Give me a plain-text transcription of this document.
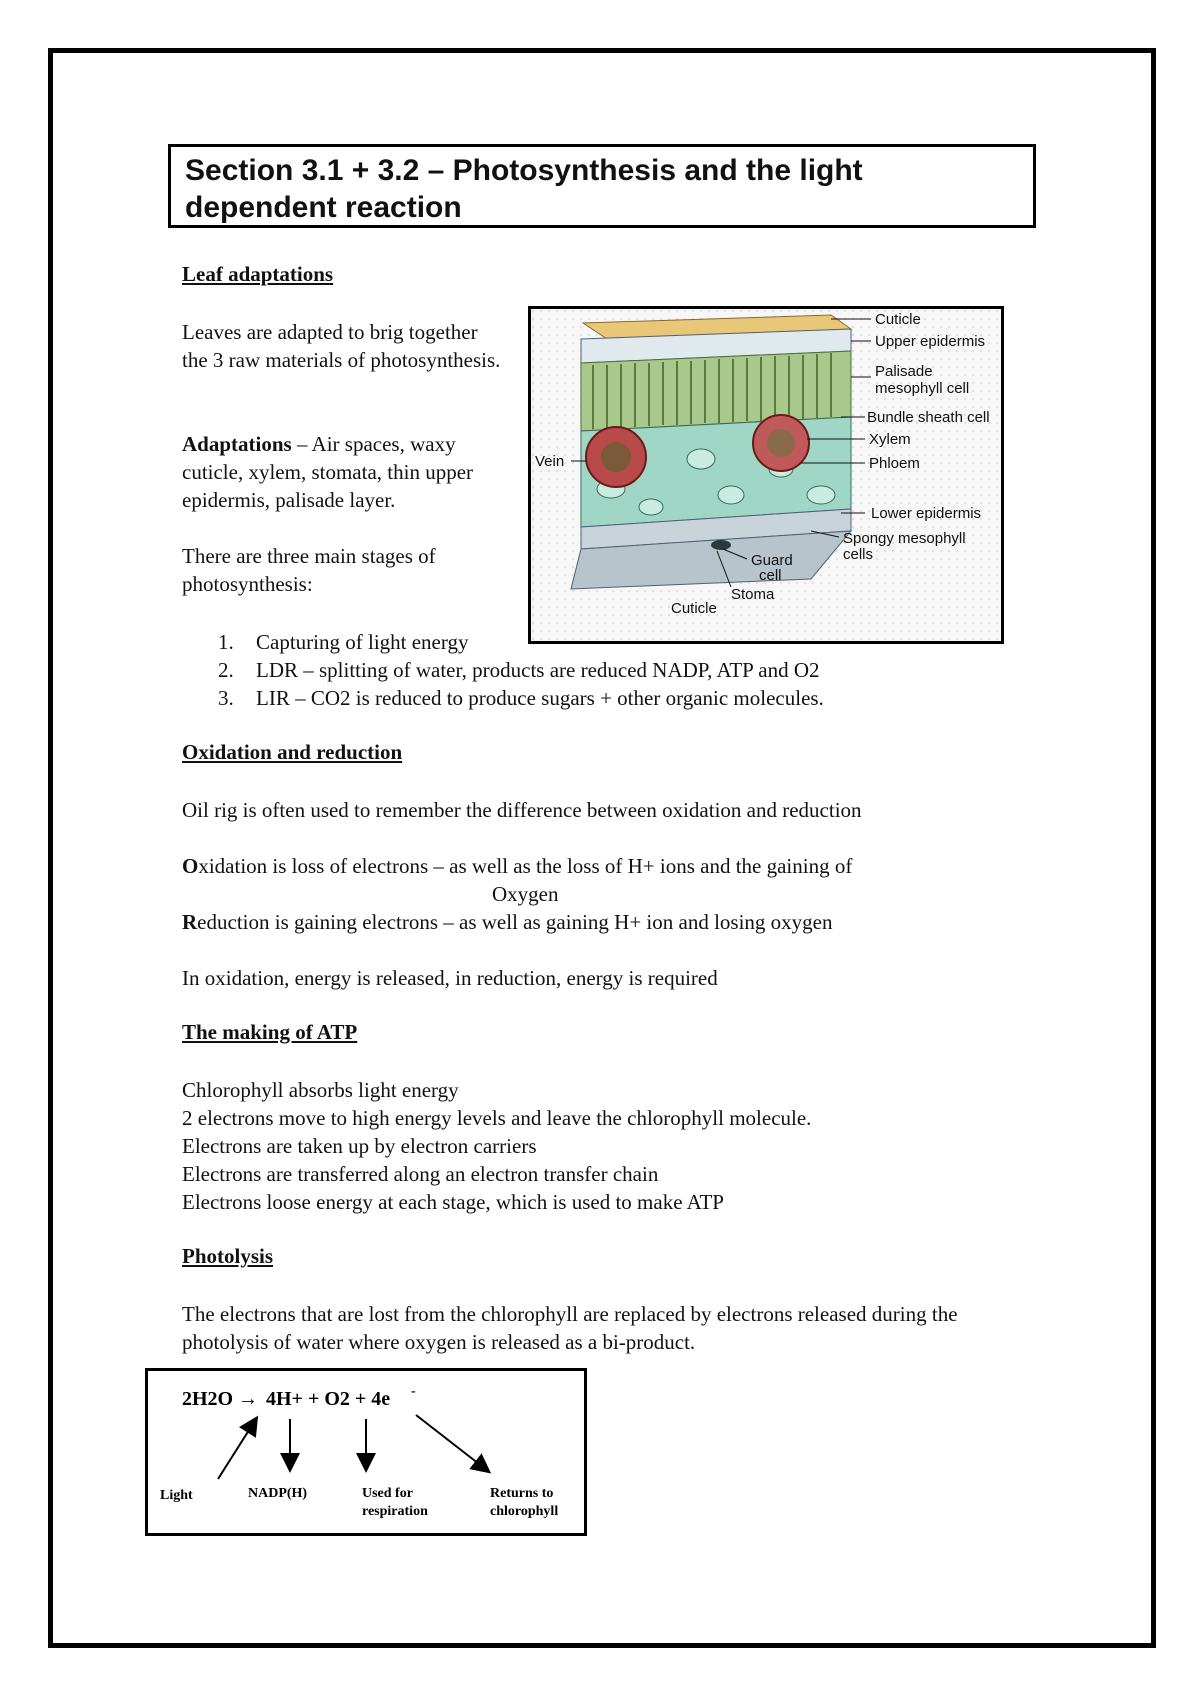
Section 3.1 + 3.2 – Photosynthesis and the light dependent reaction

Leaf adaptations

Leaves are adapted to brig together the 3 raw materials of photosynthesis.

Adaptations – Air spaces, waxy cuticle, xylem, stomata, thin upper epidermis, palisade layer.

There are three main stages of photosynthesis:

1. Capturing of light energy
2. LDR – splitting of water, products are reduced NADP, ATP and O2
3. LIR – CO2 is reduced to produce sugars + other organic molecules.
Cuticle
Upper epidermis
Palisade
mesophyll cell
Bundle sheath cell
Xylem
Phloem
Vein
Lower epidermis
Spongy mesophyll
cells
Guard
cell
Stoma
Cuticle

Oxidation and reduction

Oil rig is often used to remember the difference between oxidation and reduction

Oxidation is loss of electrons – as well as the loss of H+ ions and the gaining of

Oxygen

Reduction is gaining electrons – as well as gaining H+ ion and losing oxygen

In oxidation, energy is released, in reduction, energy is required

The making of ATP

Chlorophyll absorbs light energy

2 electrons move to high energy levels and leave the chlorophyll molecule.

Electrons are taken up by electron carriers

Electrons are transferred along an electron transfer chain

Electrons loose energy at each stage, which is used to make ATP

Photolysis

The electrons that are lost from the chlorophyll are replaced by electrons released during the photolysis of water where oxygen is released as a bi-product.

2H2O → 4H+ + O2 + 4e -
Light	NADP(H)	Used for
respiration
Returns to
chlorophyll
